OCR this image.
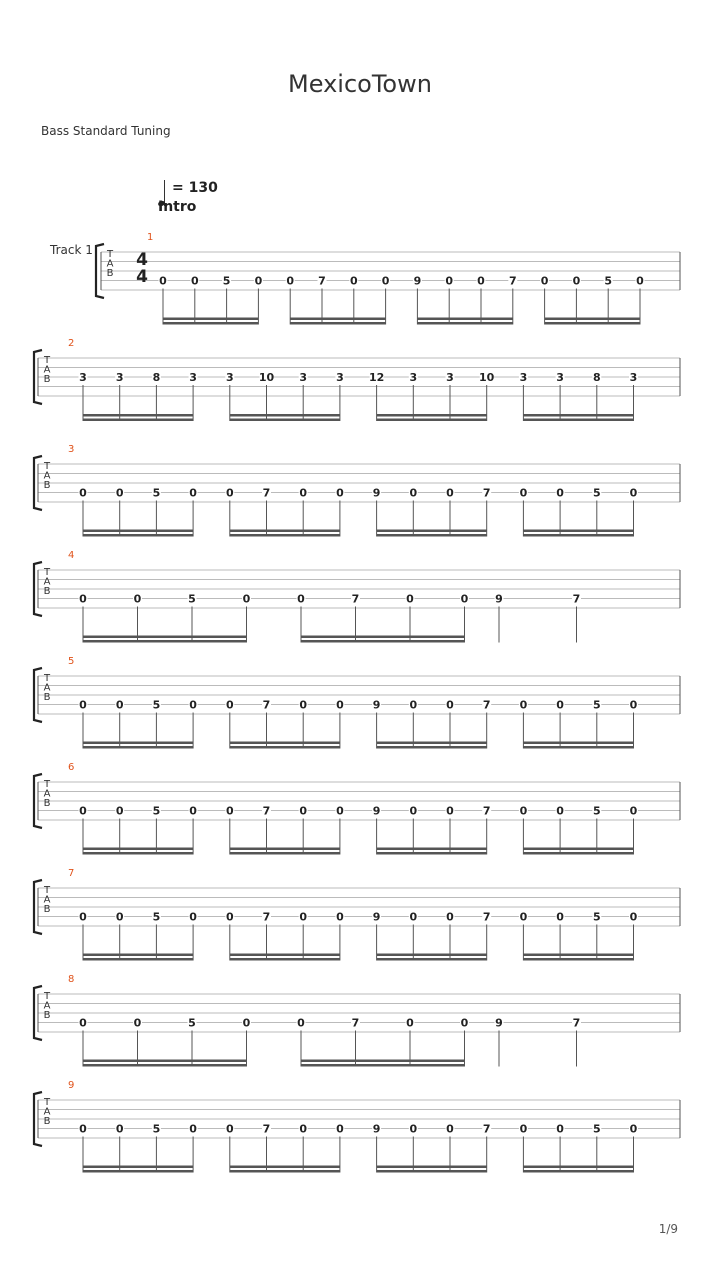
MexicoTown
Bass Standard Tuning
= 130
Intro
Track 1
1/9
T
A
B
4
4
1
0 0 5 0 0 7 0 0 9 0 0 7 0 0 5 0
T
A
B
2
3	3	8	3	3 10 3	3 12 3	3 10 3	3	8	3
T
A
B
3
0	0	5	0	0	7	0	0	9	0	0	7	0	0	5	0
T
A
B
4
0	0	5	0	0	7	0	0 9	7
T
A
B
5
0	0	5	0	0	7	0	0	9	0	0	7	0	0	5	0
T
A
B
6
0	0	5	0	0	7	0	0	9	0	0	7	0	0	5	0
T
A
B
7
0	0	5	0	0	7	0	0	9	0	0	7	0	0	5	0
T
A
B
8
0	0	5	0	0	7	0	0 9	7
T
A
B
9
0	0	5	0	0	7	0	0	9	0	0	7	0	0	5	0
